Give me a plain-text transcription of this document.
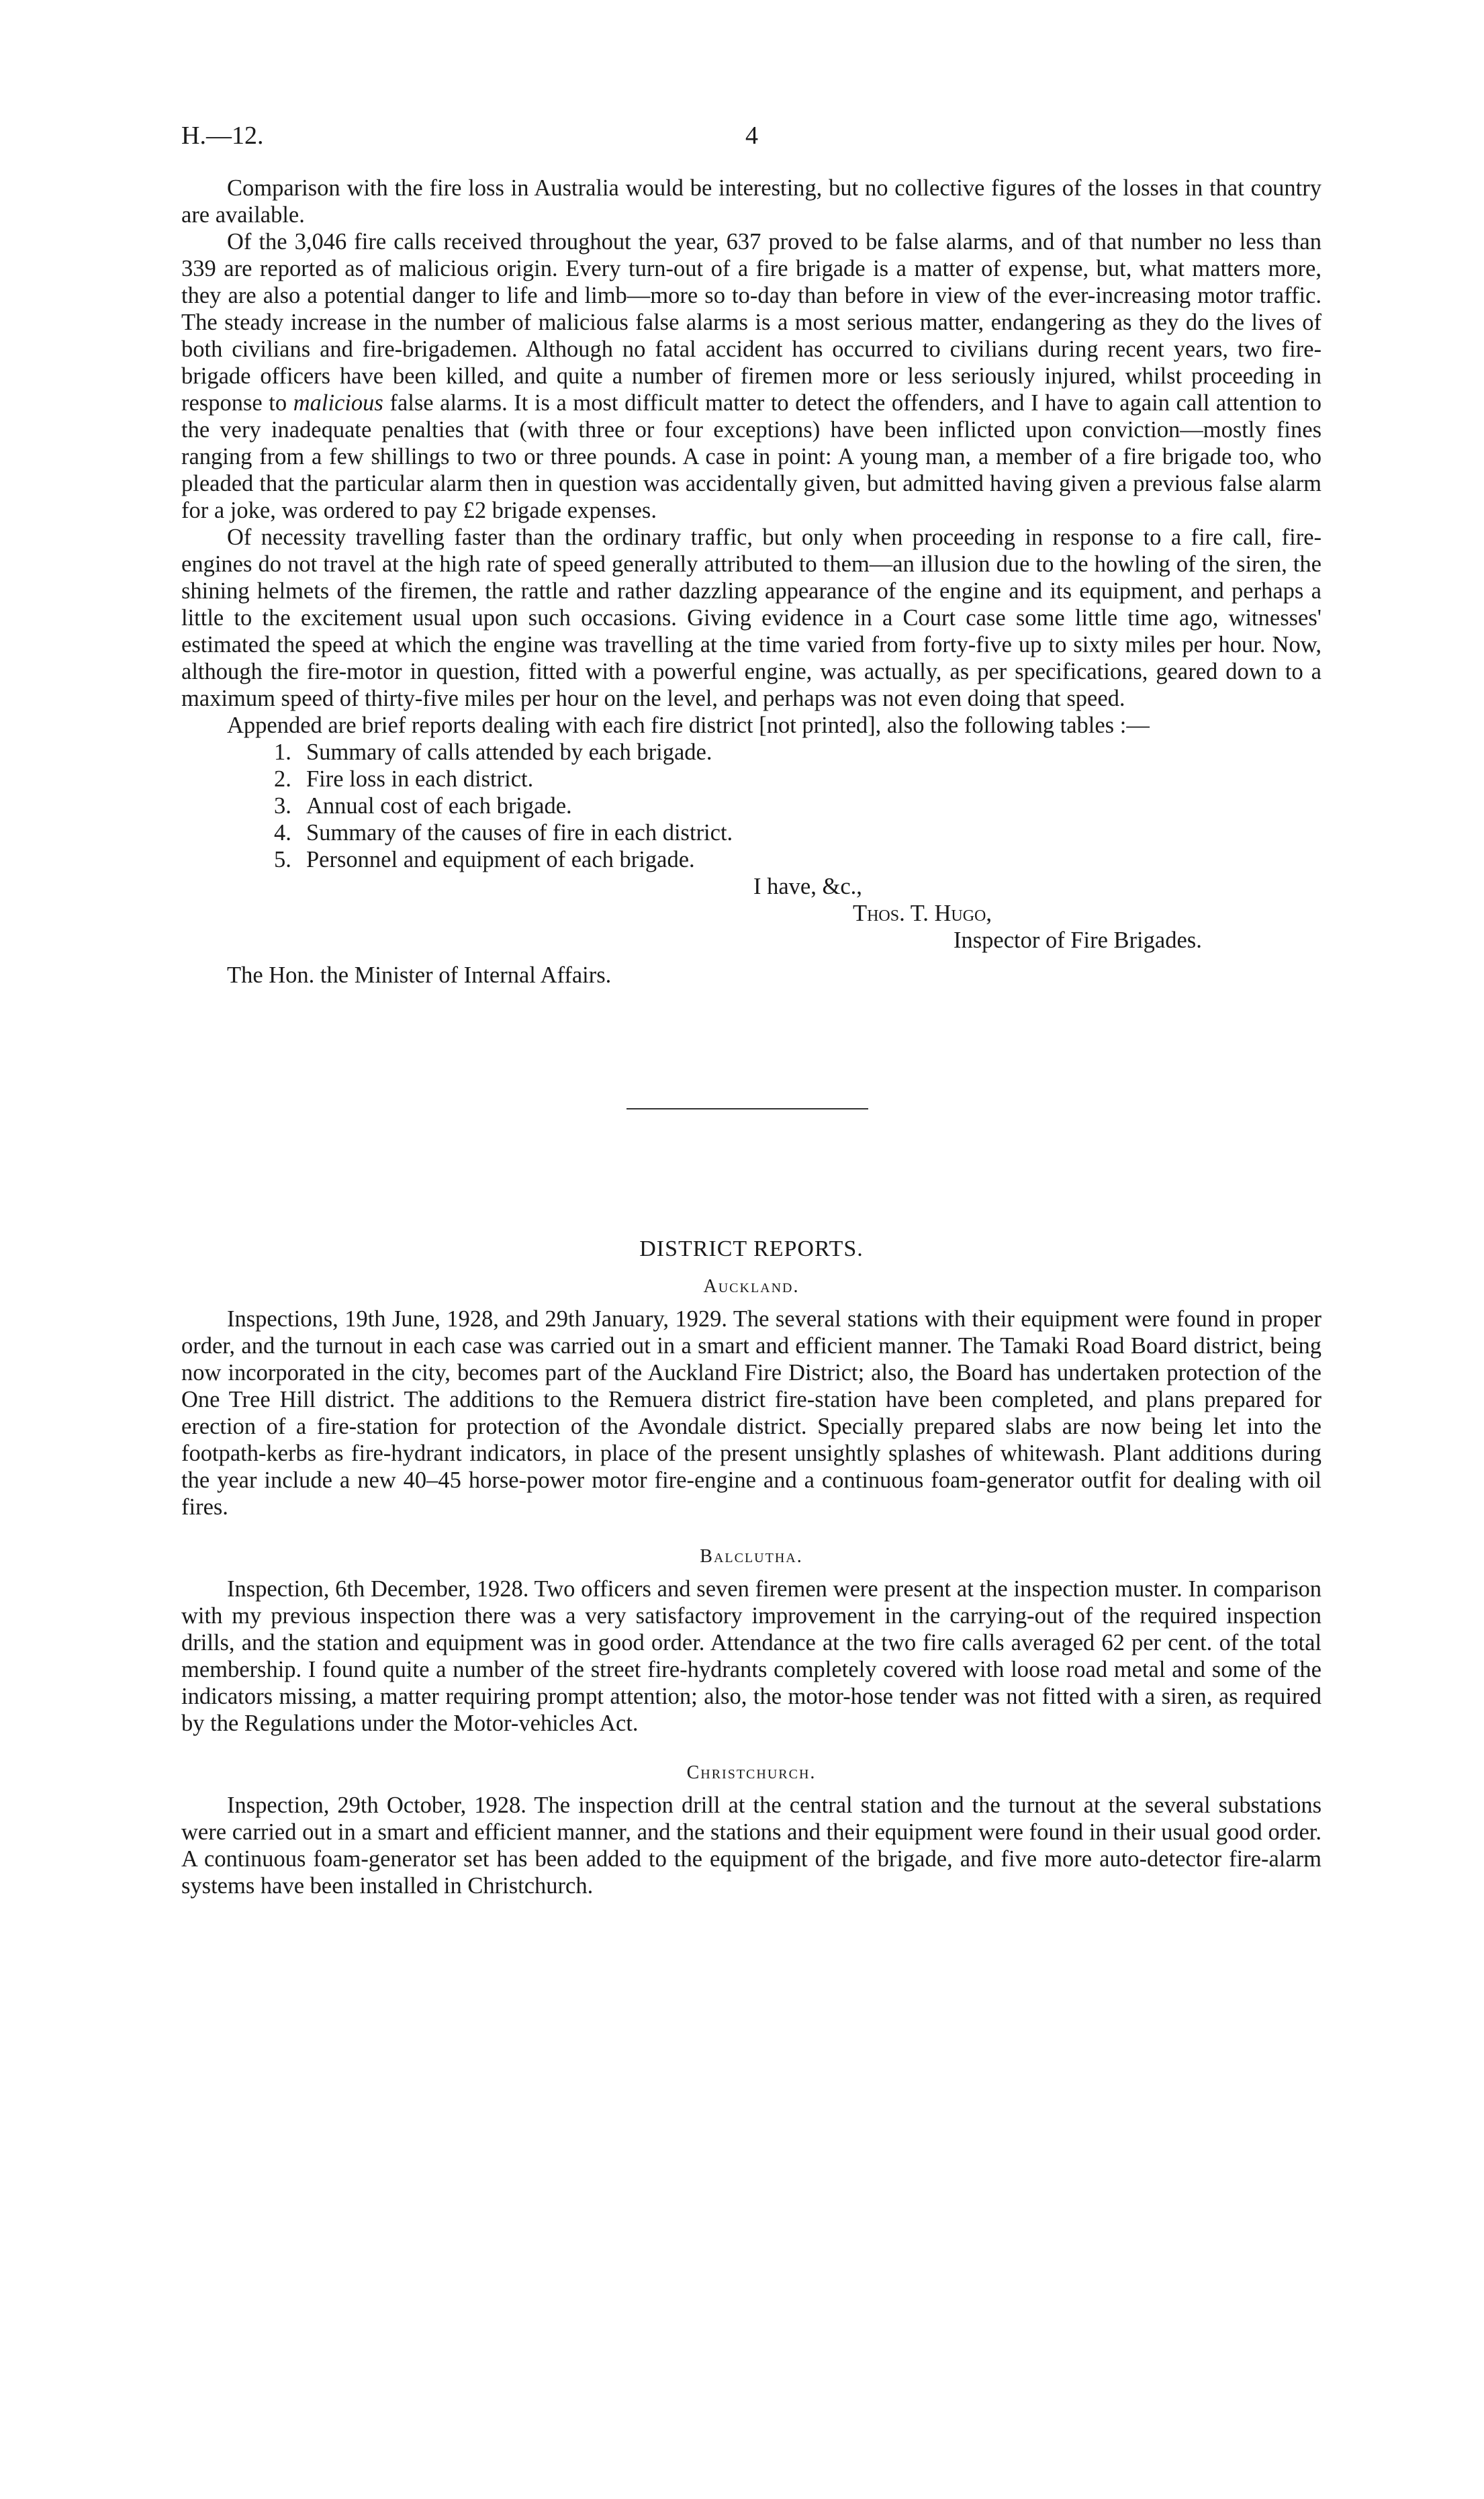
H.—12.	4

Comparison with the fire loss in Australia would be interesting, but no collective figures of the losses in that country are available.

Of the 3,046 fire calls received throughout the year, 637 proved to be false alarms, and of that number no less than 339 are reported as of malicious origin. Every turn-out of a fire brigade is a matter of expense, but, what matters more, they are also a potential danger to life and limb—more so to-day than before in view of the ever-increasing motor traffic. The steady increase in the number of malicious false alarms is a most serious matter, endangering as they do the lives of both civilians and fire-brigademen. Although no fatal accident has occurred to civilians during recent years, two fire-brigade officers have been killed, and quite a number of firemen more or less seriously injured, whilst proceeding in response to malicious false alarms. It is a most difficult matter to detect the offenders, and I have to again call attention to the very inadequate penalties that (with three or four exceptions) have been inflicted upon conviction—mostly fines ranging from a few shillings to two or three pounds. A case in point: A young man, a member of a fire brigade too, who pleaded that the particular alarm then in question was accidentally given, but admitted having given a previous false alarm for a joke, was ordered to pay £2 brigade expenses.

Of necessity travelling faster than the ordinary traffic, but only when proceeding in response to a fire call, fire-engines do not travel at the high rate of speed generally attributed to them—an illusion due to the howling of the siren, the shining helmets of the firemen, the rattle and rather dazzling appearance of the engine and its equipment, and perhaps a little to the excitement usual upon such occasions. Giving evidence in a Court case some little time ago, witnesses' estimated the speed at which the engine was travelling at the time varied from forty-five up to sixty miles per hour. Now, although the fire-motor in question, fitted with a powerful engine, was actually, as per specifications, geared down to a maximum speed of thirty-five miles per hour on the level, and perhaps was not even doing that speed.

Appended are brief reports dealing with each fire district [not printed], also the following tables :—

1. Summary of calls attended by each brigade.
2. Fire loss in each district.
3. Annual cost of each brigade.
4. Summary of the causes of fire in each district.
5. Personnel and equipment of each brigade.
I have, &c.,
Thos. T. Hugo,
Inspector of Fire Brigades.
The Hon. the Minister of Internal Affairs.
DISTRICT REPORTS.
Auckland.

Inspections, 19th June, 1928, and 29th January, 1929. The several stations with their equipment were found in proper order, and the turnout in each case was carried out in a smart and efficient manner. The Tamaki Road Board district, being now incorporated in the city, becomes part of the Auckland Fire District; also, the Board has undertaken protection of the One Tree Hill district. The additions to the Remuera district fire-station have been completed, and plans prepared for erection of a fire-station for protection of the Avondale district. Specially prepared slabs are now being let into the footpath-kerbs as fire-hydrant indicators, in place of the present unsightly splashes of whitewash. Plant additions during the year include a new 40–45 horse-power motor fire-engine and a continuous foam-generator outfit for dealing with oil fires.

Balclutha.

Inspection, 6th December, 1928. Two officers and seven firemen were present at the inspection muster. In comparison with my previous inspection there was a very satisfactory improvement in the carrying-out of the required inspection drills, and the station and equipment was in good order. Attendance at the two fire calls averaged 62 per cent. of the total membership. I found quite a number of the street fire-hydrants completely covered with loose road metal and some of the indicators missing, a matter requiring prompt attention; also, the motor-hose tender was not fitted with a siren, as required by the Regulations under the Motor-vehicles Act.

Christchurch.

Inspection, 29th October, 1928. The inspection drill at the central station and the turnout at the several substations were carried out in a smart and efficient manner, and the stations and their equipment were found in their usual good order. A continuous foam-generator set has been added to the equipment of the brigade, and five more auto-detector fire-alarm systems have been installed in Christchurch.
